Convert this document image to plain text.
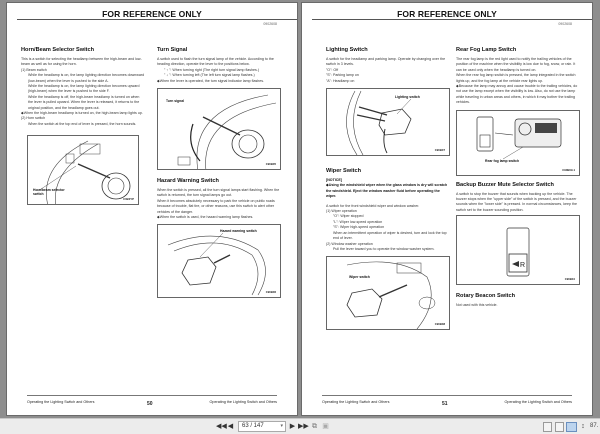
FOR REFERENCE ONLY
0902608
Horn/Beam Selector Switch

This is a switch for selecting the headlamp between the high-beam and low-beam as well as for using the horn.

(1) Beam switch

While the headlamp is on, the lamp lighting direction becomes downward (low-beam) when the lever is pushed to the side A.

While the headlamp is on, the lamp lighting direction becomes upward (high-beam) when the lever is pushed to the side F.

While the headlamp is off, the high-beam headlamp is turned on when the lever is pulled upward. When the lever is released, it returns to the original position, and the headlamp goes out.

◆When the high-beam headlamp is turned on, the high-beam lamp lights up.

(2) Horn switch

When the switch at the top end of lever is pressed, the horn sounds.

Horn/beam selector switch
C0B0YP
Turn Signal

A switch used to flash the turn signal lamp of the vehicle. According to the heading direction, operate the lever to the positions below.

" ↑ ": When turning right (The right turn signal lamp flashes.)

" ↓ ": When turning left (The left turn signal lamp flashes.)

◆When the lever is operated, the turn signal indicator lamp flashes.

Turn signal
C90B05
Hazard Warning Switch

When the switch is pressed, all the turn signal lamps start flashing. When the switch is returned, the turn signal lamps go out.

When it becomes absolutely necessary to park the vehicle on public roads because of trouble, flat tire, or other reasons, use this switch to alert other vehicles of the danger.

◆When the switch is used, the hazard warning lamp flashes.

Hazard warning switch
C90B06
Operating the Lighting Switch and Others	50	Operating the Lighting Switch and Others
FOR REFERENCE ONLY
0902608
Lighting Switch

A switch for the headlamp and parking lamp. Operate by changing over the switch in 3 levels.

"O": Off

"S": Parking lamp on

"A": Headlamp on

Lighting switch
C90B07
Wiper Switch

[NOTICE]

◆Using the windshield wiper when the glass window is dry will scratch the windshield. Eject the window washer fluid before operating the wiper.

A switch for the front windshield wiper and window washer.

(1) Wiper operation

"O": Wiper stopped

"L": Wiper low-speed operation

"S": Wiper high-speed operation

When an intermittent operation of wiper is desired, turn and lock the top end of lever.

(2) Window washer operation

Pull the lever toward you to operate the window washer system.

Wiper switch
C90B08
Rear Fog Lamp Switch

The rear fog lamp is the red light used to notify the trailing vehicles of the position of the machine when the visibility is low due to fog, snow, or rain. It can be used only when the headlamp is turned on.

When the rear fog lamp switch is pressed, the lamp integrated in the switch lights up, and the fog lamp at the vehicle rear lights up.

◆Because the lamp may annoy and cause trouble to the trailing vehicles, do not use the lamp except when the visibility is low. Also, do not use the lamp while traveling in urban areas and others, in which it may bother the trailing vehicles.

Rear fog lamp switch
C90B09-1
Backup Buzzer Mute Selector Switch

A switch to stop the buzzer that sounds when backing up the vehicle. The buzzer stops when the "upper side" of the switch is pressed, and the buzzer sounds when the "lower side" is pressed. In normal circumstances, keep the switch set to the buzzer sounding position.

R
C90B10
Rotary Beacon Switch

Not used with this vehicle.

Operating the Lighting Switch and Others	51	Operating the Lighting Switch and Others
◀◀ ◀	63 / 147	▾ ▶ ▶▶ ⧉ ▣	↕ 87.
